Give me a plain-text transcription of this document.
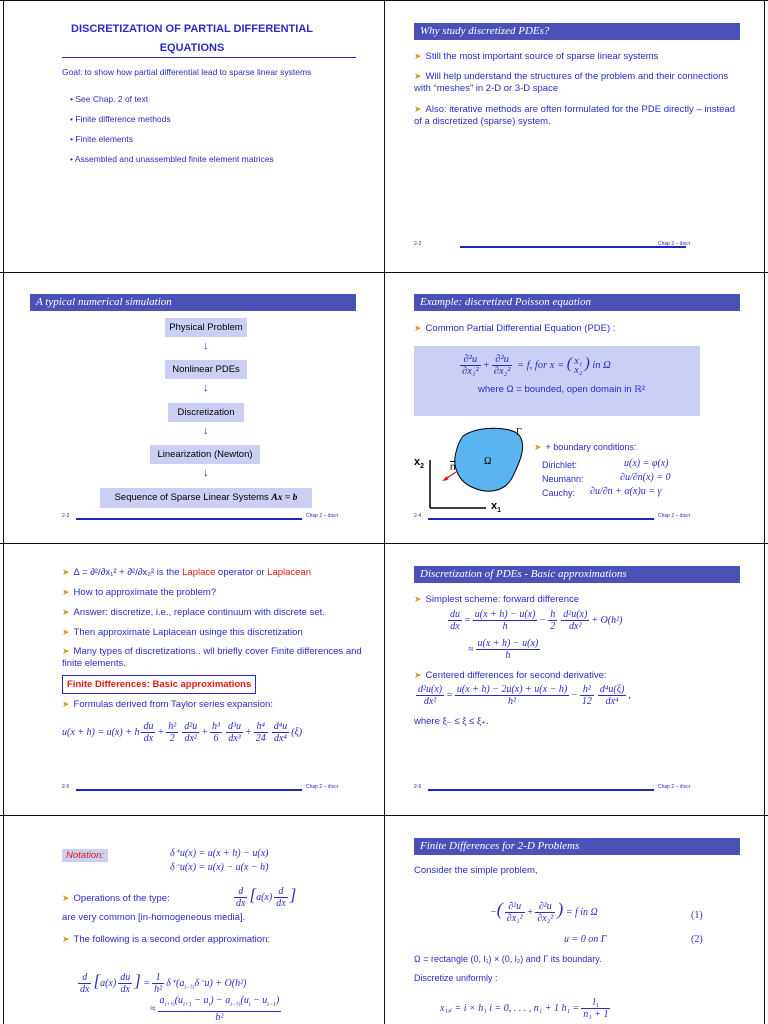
DISCRETIZATION OF PARTIAL DIFFERENTIAL
EQUATIONS
Goal: to show how partial differential lead to sparse linear systems
• See Chap. 2 of text
• Finite difference methods
• Finite elements
• Assembled and unassembled finite element matrices
Why study discretized PDEs?
➤ Still the most important source of sparse linear systems
➤ Will help understand the structures of the problem and their connections with “meshes” in 2-D or 3-D space
➤ Also: iterative methods are often formulated for the PDE directly – instead of a discretized (sparse) system.
2-2	Chap 2 – discr
A typical numerical simulation
Physical Problem
↓
Nonlinear PDEs
↓
Discretization
↓
Linearization (Newton)
↓
Sequence of Sparse Linear Systems Ax = b
2-3	Chap 2 – discr
Example: discretized Poisson equation
➤ Common Partial Differential Equation (PDE) :
$\frac{\text{∂²u}}{\text{∂x₁²}} + \frac{\text{∂²u}}{\text{∂x₂²}} = f$, for x = ( x₁
x₂ ) in Ω
where Ω = bounded, open domain in ℝ²
Γ
Ω
$x_2$
$x_1$
$\overline{n}$
➤ + boundary conditions:
Dirichlet:	u(x) = φ(x)
Neumann:	∂u/∂n(x) = 0
Cauchy: ∂u/∂n + α(x)u = γ
2-4	Chap 2 – discr
➤ Δ = ∂²/∂x₁² + ∂²/∂x₂² is the Laplace operator or Laplacean
➤ How to approximate the problem?
➤ Answer: discretize, i.e., replace continuum with discrete set.
➤ Then approximate Laplacean usinge this discretization
➤ Many types of discretizations.. wll briefly cover Finite differences and finite elements.
Finite Differences: Basic approximations
➤ Formulas derived from Taylor series expansion:
u(x + h) = u(x) + h $\frac{du}{dx} + \frac{\text{h²}}{2} \frac{\text{d²u}}{\text{dx²}} + \frac{\text{h³}}{6} \frac{\text{d³u}}{\text{dx³}} + \frac{\text{h⁴}}{24} \frac{\text{d⁴u}}{\text{dx⁴}} (\xi)$
2-5	Chap 2 – discr
Discretization of PDEs - Basic approximations
➤ Simplest scheme: forward difference
$\frac{du}{dx} = \frac{u(x + h) - u(x)}{h} - \frac{h}{2} \frac{\text{d²u(x)}}{\text{dx²}} + O(h^2)$
≈ $\frac{u(x + h) - u(x)}{h}$
➤ Centered differences for second derivative:
$\frac{\text{d²u(x)}}{\text{dx²}} = \frac{u(x + h) - 2u(x) + u(x - h)}{\text{h²}} - \frac{\text{h²}}{12} \frac{\text{d⁴u(ξ)}}{\text{dx⁴}}$ ,
where ξ₋ ≤ ξ ≤ ξ₊.
2-6	Chap 2 – discr
Notation:	δ⁺u(x) = u(x + h) − u(x)
δ⁻u(x) = u(x) − u(x − h)
➤ Operations of the type:	$\frac{d}{dx} [a(x) \frac{d}{dx}$ ]
are very common [in-homogeneous media].
➤ The following is a second order approximation:
$\frac{d}{dx} [a(x) \frac{du}{dx}$ ] = $\frac{1}{\text{h²}} \delta^+(a_{i-\frac{1}{2}}\delta^-u) + O(h^2)$
≈ $\frac{a_{i+\frac{1}{2}}(u_{i+1} - u_i) - a_{i-\frac{1}{2}}(u_i - u_{i-1})}{\text{h²}}$
Finite Differences for 2-D Problems
Consider the simple problem,
−( $\frac{\text{∂²u}}{\text{∂x₁²}} + \frac{\text{∂²u}}{\text{∂x₂²}}$ ) = f in Ω	(1)
u = 0 on Γ	(2)
Ω = rectangle (0, l₁) × (0, l₂) and Γ its boundary.
Discretize uniformly :
x₁,ᵢ = i × h₁ i = 0, . . . , n₁ + 1 $h_1 = \frac{\text{l₁}}{\text{n₁ + 1}}$
